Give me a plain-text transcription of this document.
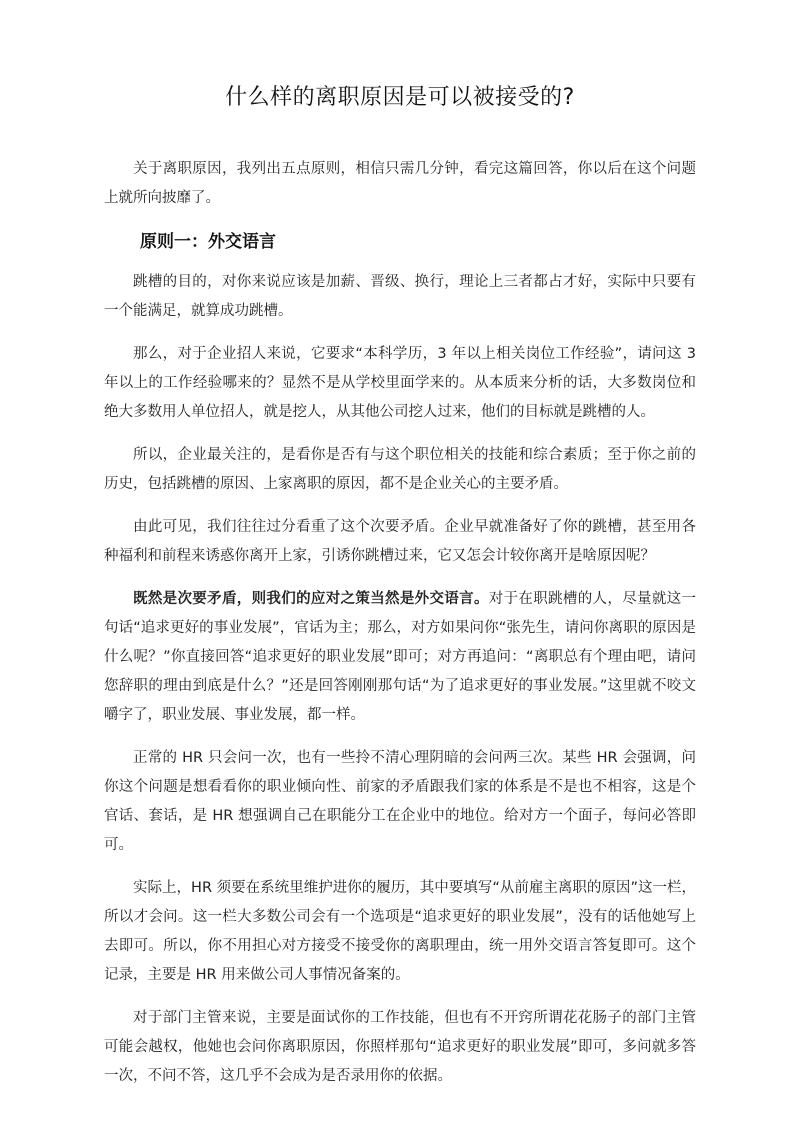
什么样的离职原因是可以被接受的?

关于离职原因，我列出五点原则，相信只需几分钟，看完这篇回答，你以后在这个问题上就所向披靡了。

原则一：外交语言

跳槽的目的，对你来说应该是加薪、晋级、换行，理论上三者都占才好，实际中只要有一个能满足，就算成功跳槽。

那么，对于企业招人来说，它要求“本科学历，3 年以上相关岗位工作经验”，请问这 3 年以上的工作经验哪来的？显然不是从学校里面学来的。从本质来分析的话，大多数岗位和绝大多数用人单位招人，就是挖人，从其他公司挖人过来，他们的目标就是跳槽的人。

所以，企业最关注的，是看你是否有与这个职位相关的技能和综合素质；至于你之前的历史，包括跳槽的原因、上家离职的原因，都不是企业关心的主要矛盾。

由此可见，我们往往过分看重了这个次要矛盾。企业早就准备好了你的跳槽，甚至用各种福利和前程来诱惑你离开上家，引诱你跳槽过来，它又怎会计较你离开是啥原因呢？

既然是次要矛盾，则我们的应对之策当然是外交语言。对于在职跳槽的人，尽量就这一句话“追求更好的事业发展”，官话为主；那么，对方如果问你“张先生，请问你离职的原因是什么呢？”你直接回答“追求更好的职业发展”即可；对方再追问：“离职总有个理由吧，请问您辞职的理由到底是什么？”还是回答刚刚那句话“为了追求更好的事业发展。”这里就不咬文嚼字了，职业发展、事业发展，都一样。

正常的 HR 只会问一次，也有一些拎不清心理阴暗的会问两三次。某些 HR 会强调，问你这个问题是想看看你的职业倾向性、前家的矛盾跟我们家的体系是不是也不相容，这是个官话、套话，是 HR 想强调自己在职能分工在企业中的地位。给对方一个面子，每问必答即可。

实际上，HR 须要在系统里维护进你的履历，其中要填写“从前雇主离职的原因”这一栏，所以才会问。这一栏大多数公司会有一个选项是“追求更好的职业发展”，没有的话他她写上去即可。所以，你不用担心对方接受不接受你的离职理由，统一用外交语言答复即可。这个记录，主要是 HR 用来做公司人事情况备案的。

对于部门主管来说，主要是面试你的工作技能，但也有不开窍所谓花花肠子的部门主管可能会越权，他她也会问你离职原因，你照样那句“追求更好的职业发展”即可，多问就多答一次，不问不答，这几乎不会成为是否录用你的依据。
